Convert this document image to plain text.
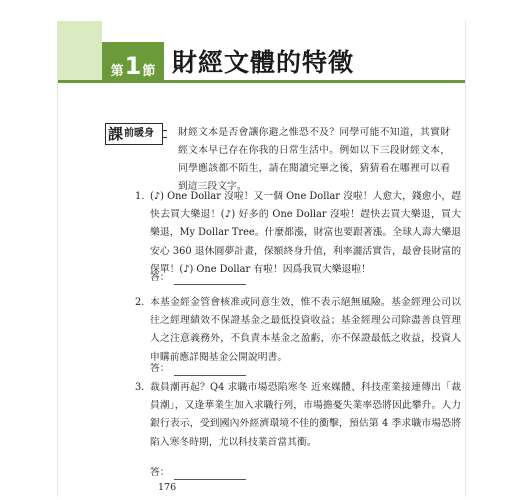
第 1 節 財經文體的特徵
課 前暖身 財經文本是否會讓你避之惟恐不及？同學可能不知道，其實財經文本早已存在你我的日常生活中。例如以下三段財經文本，同學應該都不陌生，請在閱讀完畢之後，猜猜看在哪裡可以看到這三段文字。
1. (♪) One Dollar 沒啦！又一個 One Dollar 沒啦！人愈大，錢愈小，趕快去買大樂退！(♪) 好多的 One Dollar 沒啦！趕快去買大樂退，買大樂退，My Dollar Tree。什麼都漲，財富也要跟著漲。全球人壽大樂退安心 360 退休圓夢計畫，保額終身升值，利率灑活實告，最會長財富的保單！(♪) One Dollar 有啦！因爲我買大樂退啦！
答：
2. 本基金經金管會核准或同意生效，惟不表示絕無風險。基金經理公司以往之經理績效不保證基金之最低投資收益；基金經理公司除盡善良管理人之注意義務外，不負責本基金之盈虧，亦不保證最低之收益，投資人申購前應詳閱基金公開說明書。
答：
3. 裁員潮再起？Q4 求職市場恐陷寒冬 近來媒體、科技產業接連傳出「裁員潮」，又逢華業生加入求職行列，市場擔憂失業率恐將因此攀升。人力銀行表示，受到國內外經濟環境不佳的衝擊，預估第 4 季求職市場恐將陷入寒冬時期，尤以科技業首當其衝。
答：
176
